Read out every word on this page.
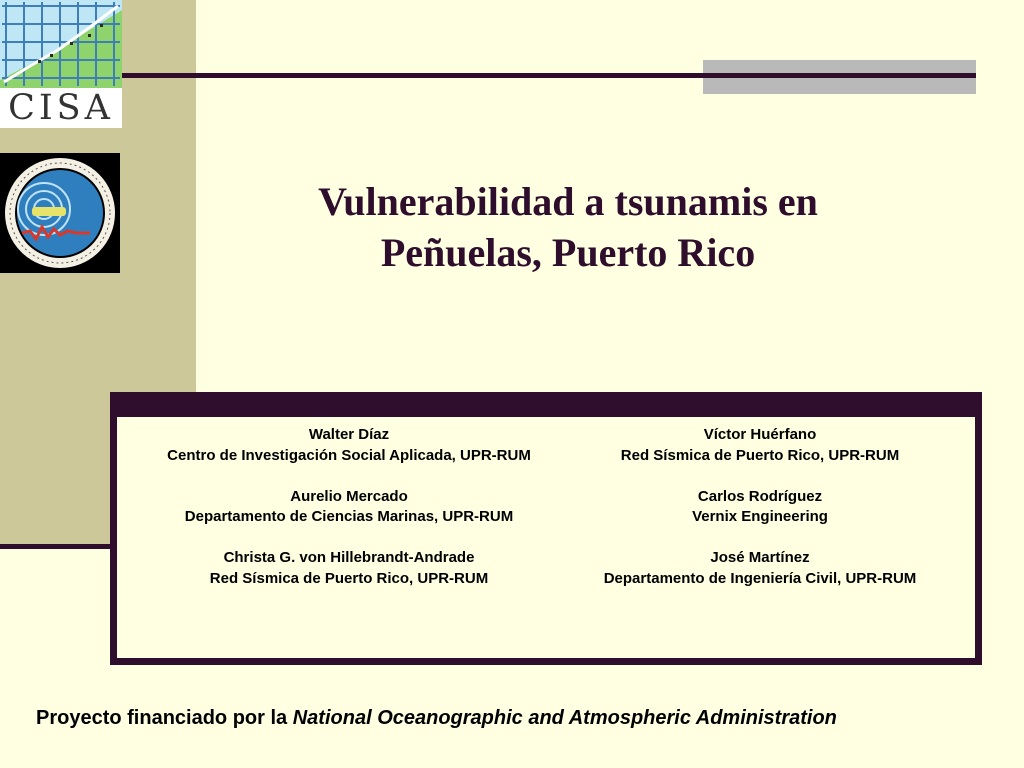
CISA
Vulnerabilidad a tsunamis en
Peñuelas, Puerto Rico
Walter Díaz
Centro de Investigación Social Aplicada, UPR-RUM
Aurelio Mercado
Departamento de Ciencias Marinas, UPR-RUM
Christa G. von Hillebrandt-Andrade
Red Sísmica de Puerto Rico, UPR-RUM
Víctor Huérfano
Red Sísmica de Puerto Rico, UPR-RUM
Carlos Rodríguez
Vernix Engineering
José Martínez
Departamento de Ingeniería Civil, UPR-RUM
Proyecto financiado por la National Oceanographic and Atmospheric Administration
